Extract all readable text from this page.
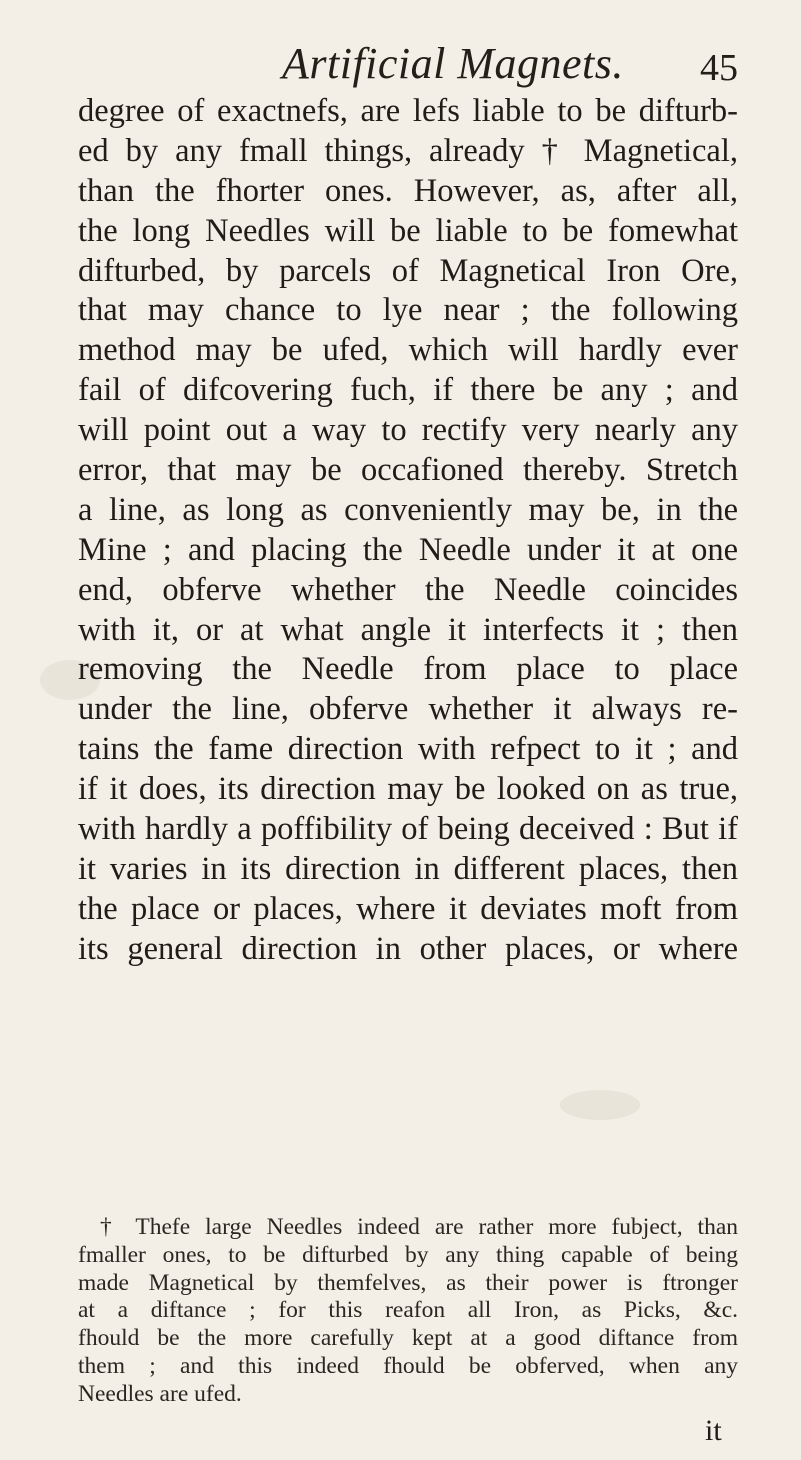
Artificial Magnets. 45
degree of exactnefs, are lefs liable to be difturb-
ed by any fmall things, already † Magnetical,
than the fhorter ones. However, as, after all,
the long Needles will be liable to be fomewhat
difturbed, by parcels of Magnetical Iron Ore,
that may chance to lye near ; the following
method may be ufed, which will hardly ever
fail of difcovering fuch, if there be any ; and
will point out a way to rectify very nearly any
error, that may be occafioned thereby. Stretch
a line, as long as conveniently may be, in the
Mine ; and placing the Needle under it at one
end, obferve whether the Needle coincides
with it, or at what angle it interfects it ; then
removing the Needle from place to place
under the line, obferve whether it always re-
tains the fame direction with refpect to it ; and
if it does, its direction may be looked on as true,
with hardly a poffibility of being deceived : But if
it varies in its direction in different places, then
the place or places, where it deviates moft from
its general direction in other places, or where
† Thefe large Needles indeed are rather more fubject, than
fmaller ones, to be difturbed by any thing capable of being
made Magnetical by themfelves, as their power is ftronger
at a diftance ; for this reafon all Iron, as Picks, &c.
fhould be the more carefully kept at a good diftance from
them ; and this indeed fhould be obferved, when any
Needles are ufed.
it
